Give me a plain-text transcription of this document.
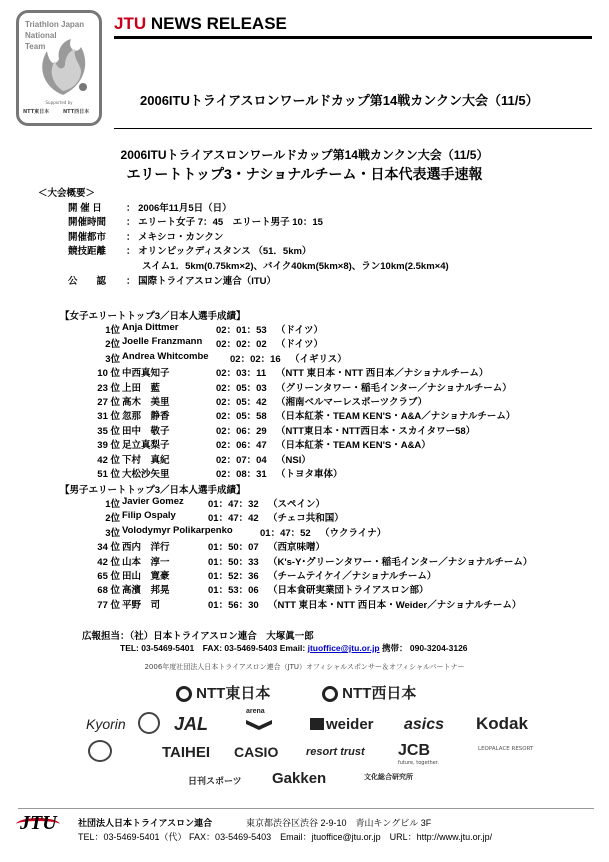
Triathlon Japan
National
Team
Supported by
NTT東日本	NTT西日本
JTU NEWS RELEASE
2006ITUトライアスロンワールドカップ第14戦カンクン大会（11/5）
2006ITUトライアスロンワールドカップ第14戦カンクン大会（11/5）
エリートトップ3・ナショナルチーム・日本代表選手速報
＜大会概要＞
開 催 日	： 2006年11月5日（日）
開催時間 ： エリート女子 7：45　エリート男子 10：15
開催都市 ： メキシコ・カンクン
競技距離 ： オリンピックディスタンス （51．5km）
スイム1．5km(0.75km×2)、バイク40km(5km×8)、ラン10km(2.5km×4)
公　　認 ： 国際トライアスロン連合（ITU）
【女子エリートトップ3／日本人選手成績】
1位 Anja Dittmer	02：01：53 （ドイツ）
2位 Joelle Franzmann 02：02：02 （ドイツ）
3位 Andrea Whitcombe 02：02：16 （イギリス）
10 位 中西真知子	02：03：11 （NTT 東日本・NTT 西日本／ナショナルチーム）
23 位 上田　藍	02：05：03 （グリーンタワー・稲毛インター／ナショナルチーム）
27 位 高木　美里	02：05：42 （湘南ベルマーレスポーツクラブ）
31 位 忽那　静香	02：05：58 （日本紅茶・TEAM KEN'S・A&A／ナショナルチーム）
35 位 田中　敬子	02：06：29 （NTT東日本・NTT西日本・スカイタワー58）
39 位 足立真梨子	02：06：47 （日本紅茶・TEAM KEN'S・A&A）
42 位 下村　真紀	02：07：04 （NSI）
51 位 大松沙矢里	02：08：31 （トヨタ車体）
【男子エリートトップ3／日本人選手成績】
1位 Javier Gomez	01：47：32 （スペイン）
2位 Filip Ospaly	01：47：42 （チェコ共和国）
3位 Volodymyr Polikarpenko	01：47：52 （ウクライナ）
34 位 西内　洋行	01：50：07 （西京味噌）
42 位 山本　淳一	01：50：33 （K's-Y･グリーンタワー・稲毛インター／ナショナルチーム）
65 位 田山　寛豪	01：52：36 （チームテイケイ／ナショナルチーム）
68 位 高濱　邦晃	01：53：06 （日本食研実業団トライアスロン部）
77 位 平野　司	01：56：30 （NTT 東日本・NTT 西日本・Weider／ナショナルチーム）
広報担当：（社）日本トライアスロン連合　大塚眞一郎
TEL: 03-5469-5401　FAX: 03-5469-5403 Email: jtuoffice@jtu.or.jp 携帯： 090-3204-3126
2006年度社団法人日本トライアスロン連合（JTU）オフィシャルスポンサー＆オフィシャルパートナー
NTT東日本	NTT西日本
Kyorin	JAL
arena
weider asics Kodak
TAIHEI CASIO	resort trust JCB
future, together.
LEOPALACE RESORT
日刊スポーツ Gakken	文化総合研究所
JTU 社団法人日本トライアスロン連合	東京都渋谷区渋谷 2-9-10　青山キングビル 3F
TEL：03-5469-5401（代） FAX：03-5469-5403　Email：jtuoffice@jtu.or.jp　URL：http://www.jtu.or.jp/
